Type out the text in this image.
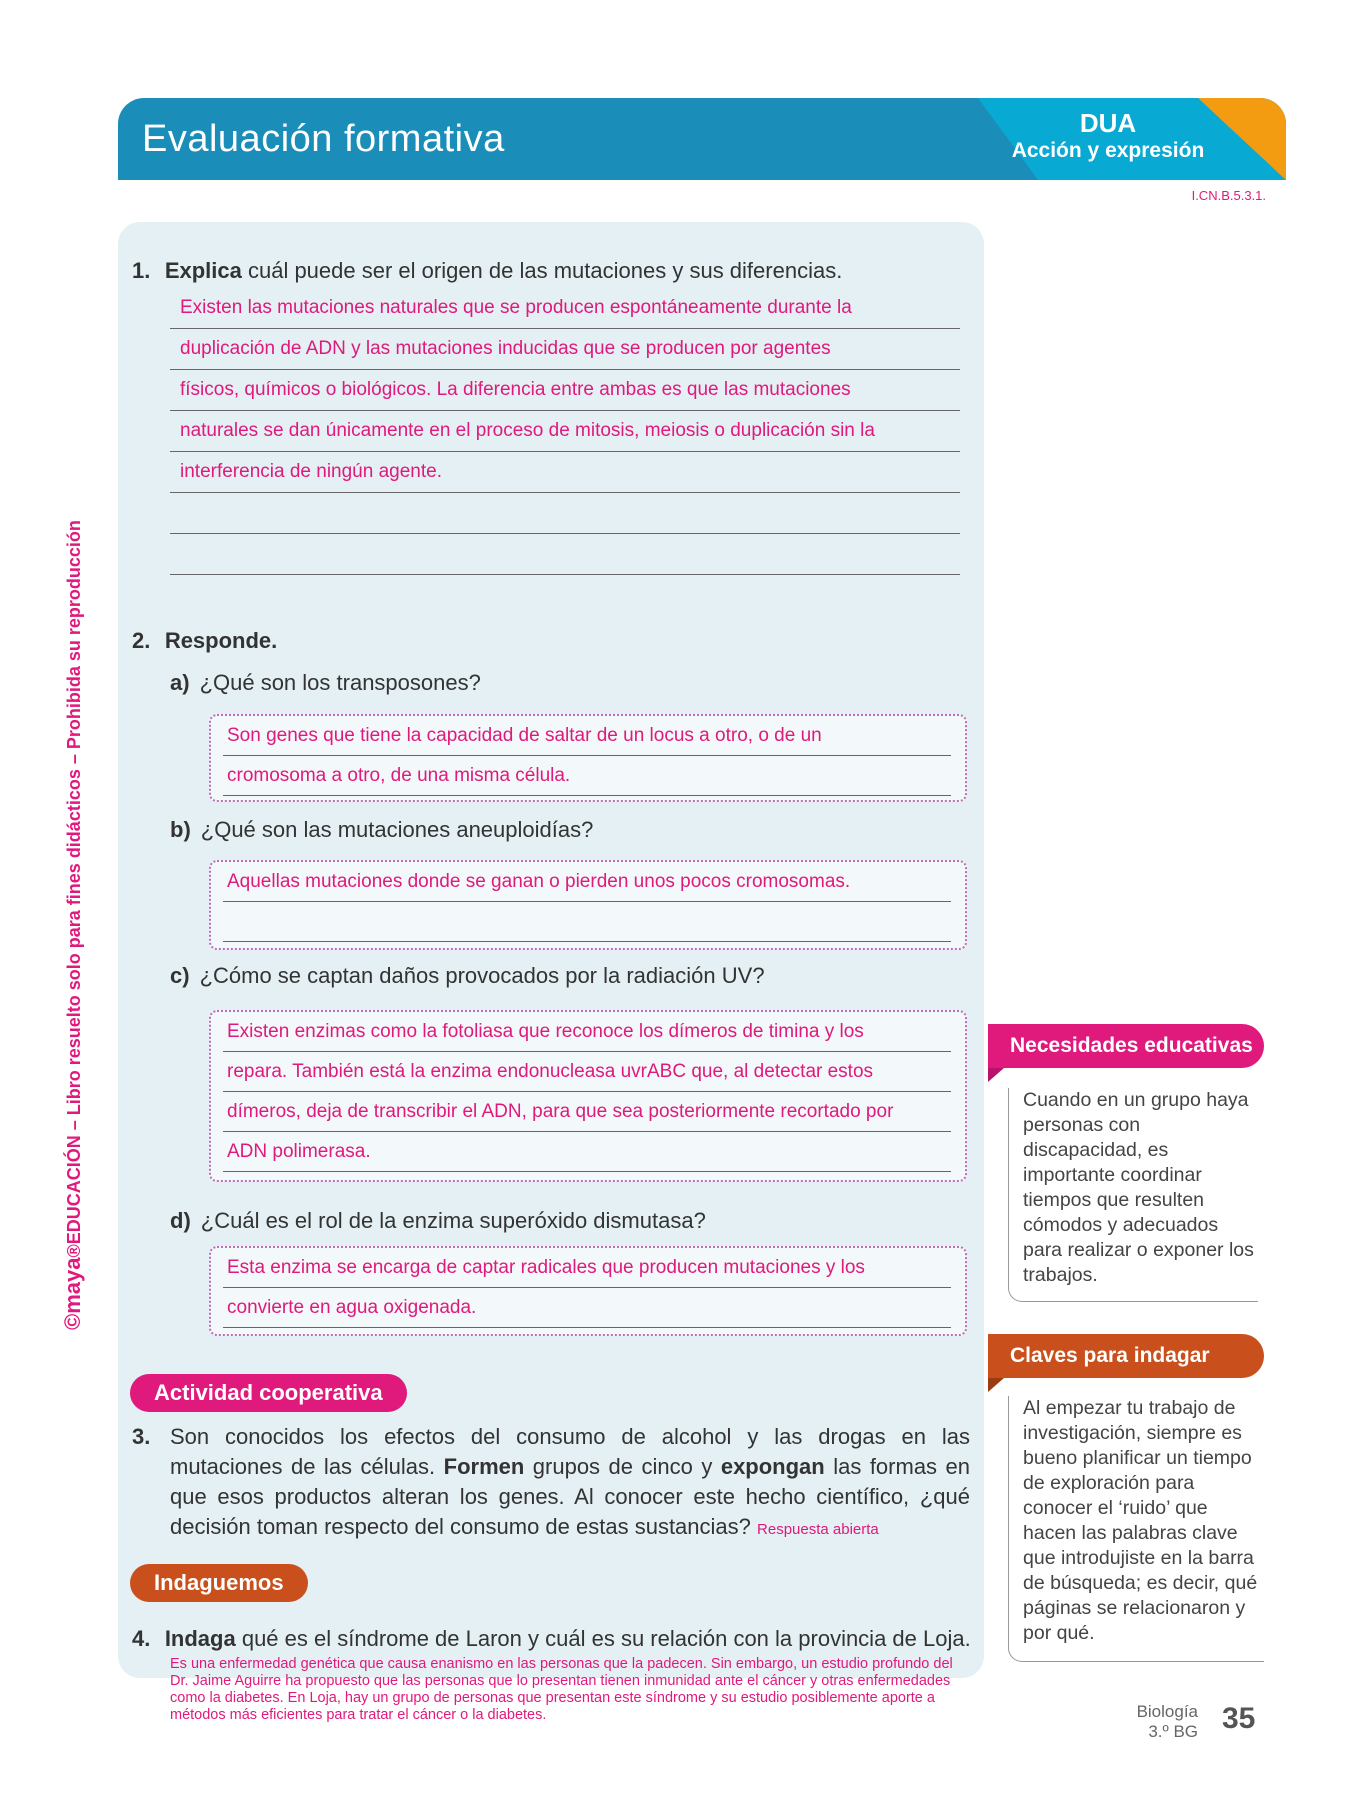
Evaluación formativa	DUA
Acción y expresión
I.CN.B.5.3.1.
©maya®EDUCACIÓN – Libro resuelto solo para fines didácticos – Prohibida su reproducción
1. Explica cuál puede ser el origen de las mutaciones y sus diferencias.
Existen las mutaciones naturales que se producen espontáneamente durante la
duplicación de ADN y las mutaciones inducidas que se producen por agentes
físicos, químicos o biológicos. La diferencia entre ambas es que las mutaciones
naturales se dan únicamente en el proceso de mitosis, meiosis o duplicación sin la
interferencia de ningún agente.
2. Responde.
a) ¿Qué son los transposones?
Son genes que tiene la capacidad de saltar de un locus a otro, o de un
cromosoma a otro, de una misma célula.
b) ¿Qué son las mutaciones aneuploidías?
Aquellas mutaciones donde se ganan o pierden unos pocos cromosomas.
c) ¿Cómo se captan daños provocados por la radiación UV?
Existen enzimas como la fotoliasa que reconoce los dímeros de timina y los
repara. También está la enzima endonucleasa uvrABC que, al detectar estos
dímeros, deja de transcribir el ADN, para que sea posteriormente recortado por
ADN polimerasa.
d) ¿Cuál es el rol de la enzima superóxido dismutasa?
Esta enzima se encarga de captar radicales que producen mutaciones y los
convierte en agua oxigenada.
Actividad cooperativa
3. Son conocidos los efectos del consumo de alcohol y las drogas en las mutaciones de las células. Formen grupos de cinco y expongan las formas en que esos productos alteran los genes. Al conocer este hecho científico, ¿qué decisión toman respecto del consumo de estas sustancias? Respuesta abierta
Indaguemos
4. Indaga qué es el síndrome de Laron y cuál es su relación con la provincia de Loja.
Es una enfermedad genética que causa enanismo en las personas que la padecen. Sin embargo, un estudio profundo del Dr. Jaime Aguirre ha propuesto que las personas que lo presentan tienen inmunidad ante el cáncer y otras enfermedades como la diabetes. En Loja, hay un grupo de personas que presentan este síndrome y su estudio posiblemente aporte a métodos más eficientes para tratar el cáncer o la diabetes.
Necesidades educativas
Cuando en un grupo haya personas con discapacidad, es importante coordinar tiempos que resulten cómodos y adecuados para realizar o exponer los trabajos.
Claves para indagar
Al empezar tu trabajo de investigación, siempre es bueno planificar un tiempo de exploración para conocer el ‘ruido’ que hacen las palabras clave que introdujiste en la barra de búsqueda; es decir, qué páginas se relacionaron y por qué.
Biología
3.º BG 35
